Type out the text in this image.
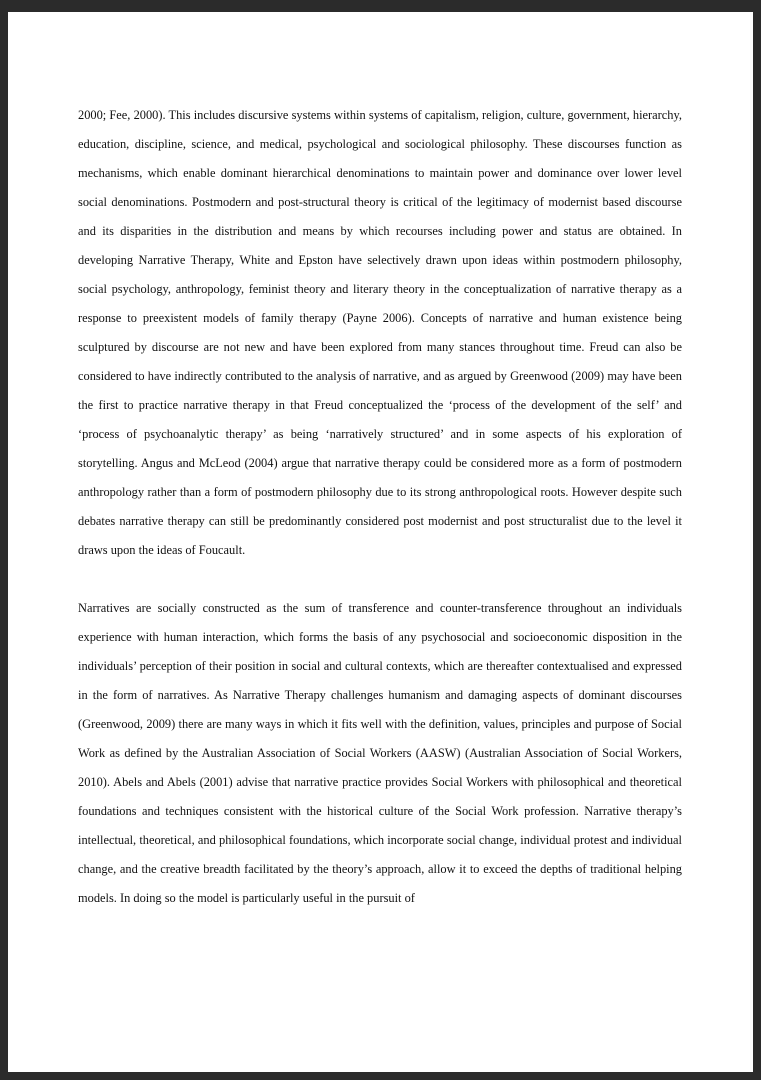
2000; Fee, 2000). This includes discursive systems within systems of capitalism, religion, culture, government, hierarchy, education, discipline, science, and medical, psychological and sociological philosophy. These discourses function as mechanisms, which enable dominant hierarchical denominations to maintain power and dominance over lower level social denominations. Postmodern and post-structural theory is critical of the legitimacy of modernist based discourse and its disparities in the distribution and means by which recourses including power and status are obtained. In developing Narrative Therapy, White and Epston have selectively drawn upon ideas within postmodern philosophy, social psychology, anthropology, feminist theory and literary theory in the conceptualization of narrative therapy as a response to preexistent models of family therapy (Payne 2006). Concepts of narrative and human existence being sculptured by discourse are not new and have been explored from many stances throughout time. Freud can also be considered to have indirectly contributed to the analysis of narrative, and as argued by Greenwood (2009) may have been the first to practice narrative therapy in that Freud conceptualized the ‘process of the development of the self’ and ‘process of psychoanalytic therapy’ as being ‘narratively structured’ and in some aspects of his exploration of storytelling. Angus and McLeod (2004) argue that narrative therapy could be considered more as a form of postmodern anthropology rather than a form of postmodern philosophy due to its strong anthropological roots. However despite such debates narrative therapy can still be predominantly considered post modernist and post structuralist due to the level it draws upon the ideas of Foucault.

Narratives are socially constructed as the sum of transference and counter-transference throughout an individuals experience with human interaction, which forms the basis of any psychosocial and socioeconomic disposition in the individuals’ perception of their position in social and cultural contexts, which are thereafter contextualised and expressed in the form of narratives. As Narrative Therapy challenges humanism and damaging aspects of dominant discourses (Greenwood, 2009) there are many ways in which it fits well with the definition, values, principles and purpose of Social Work as defined by the Australian Association of Social Workers (AASW) (Australian Association of Social Workers, 2010). Abels and Abels (2001) advise that narrative practice provides Social Workers with philosophical and theoretical foundations and techniques consistent with the historical culture of the Social Work profession. Narrative therapy’s intellectual, theoretical, and philosophical foundations, which incorporate social change, individual protest and individual change, and the creative breadth facilitated by the theory’s approach, allow it to exceed the depths of traditional helping models. In doing so the model is particularly useful in the pursuit of
